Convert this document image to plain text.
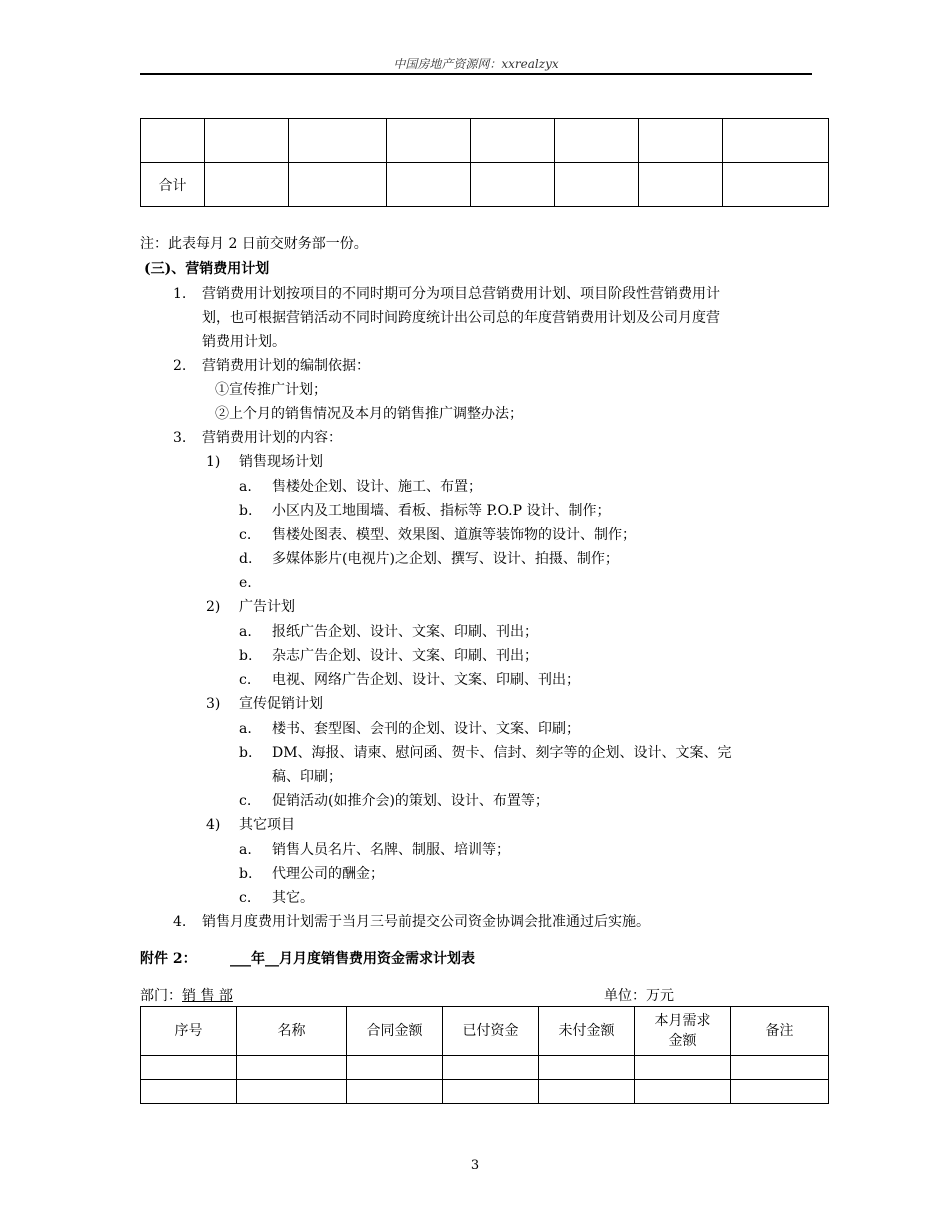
中国房地产资源网：xxrealzyx

合计							
注：此表每月 2 日前交财务部一份。
(三)、营销费用计划
1. 营销费用计划按项目的不同时期可分为项目总营销费用计划、项目阶段性营销费用计
划，也可根据营销活动不同时间跨度统计出公司总的年度营销费用计划及公司月度营
销费用计划。
2. 营销费用计划的编制依据：
①宣传推广计划；
②上个月的销售情况及本月的销售推广调整办法；
3. 营销费用计划的内容：
1) 销售现场计划
a. 售楼处企划、设计、施工、布置；
b. 小区内及工地围墙、看板、指标等 P.O.P 设计、制作；
c. 售楼处图表、模型、效果图、道旗等装饰物的设计、制作；
d. 多媒体影片(电视片)之企划、撰写、设计、拍摄、制作；
e.
2) 广告计划
a. 报纸广告企划、设计、文案、印刷、刊出；
b. 杂志广告企划、设计、文案、印刷、刊出；
c. 电视、网络广告企划、设计、文案、印刷、刊出；
3) 宣传促销计划
a. 楼书、套型图、会刊的企划、设计、文案、印刷；
b. DM、海报、请柬、慰问函、贺卡、信封、刻字等的企划、设计、文案、完
稿、印刷；
c. 促销活动(如推介会)的策划、设计、布置等；
4) 其它项目
a. 销售人员名片、名牌、制服、培训等；
b. 代理公司的酬金；
c. 其它。
4. 销售月度费用计划需于当月三号前提交公司资金协调会批准通过后实施。
附件 2： ___年__月月度销售费用资金需求计划表
部门：销 售 部	单位：万元
序号	名称	合同金额	已付资金	未付金额	本月需求金额	备注

3
